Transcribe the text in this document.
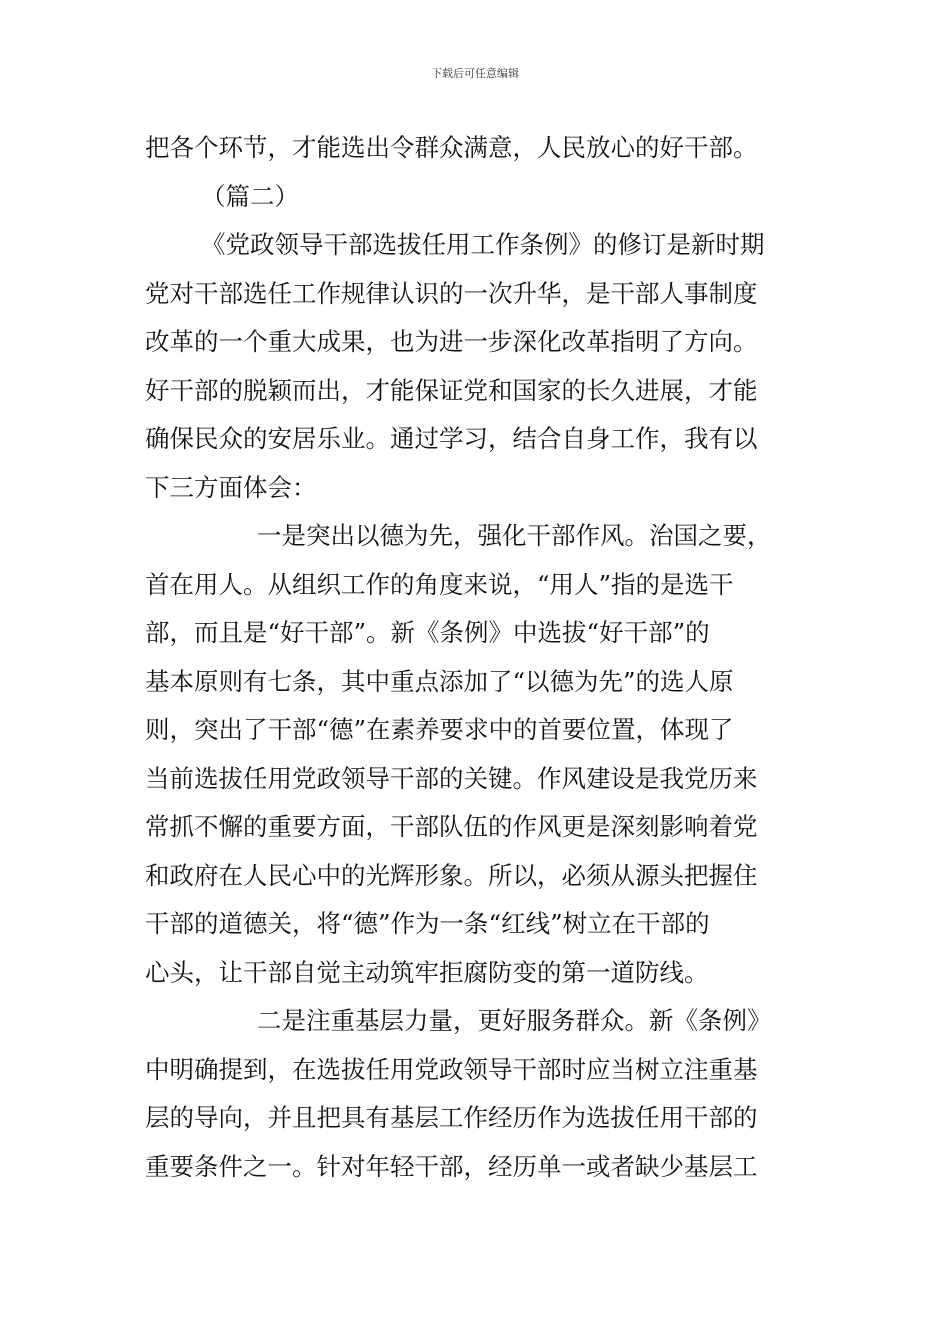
下载后可任意编辑
把各个环节，才能选出令群众满意，人民放心的好干部。
（篇二）
《党政领导干部选拔任用工作条例》的修订是新时期
党对干部选任工作规律认识的一次升华，是干部人事制度
改革的一个重大成果，也为进一步深化改革指明了方向。
好干部的脱颖而出，才能保证党和国家的长久进展，才能
确保民众的安居乐业。通过学习，结合自身工作，我有以
下三方面体会：
一是突出以德为先，强化干部作风。治国之要，
首在用人。从组织工作的角度来说，“用人”指的是选干
部，而且是“好干部”。新《条例》中选拔“好干部”的
基本原则有七条，其中重点添加了“以德为先”的选人原
则，突出了干部“德”在素养要求中的首要位置，体现了
当前选拔任用党政领导干部的关键。作风建设是我党历来
常抓不懈的重要方面，干部队伍的作风更是深刻影响着党
和政府在人民心中的光辉形象。所以，必须从源头把握住
干部的道德关，将“德”作为一条“红线”树立在干部的
心头，让干部自觉主动筑牢拒腐防变的第一道防线。
二是注重基层力量，更好服务群众。新《条例》
中明确提到，在选拔任用党政领导干部时应当树立注重基
层的导向，并且把具有基层工作经历作为选拔任用干部的
重要条件之一。针对年轻干部，经历单一或者缺少基层工
